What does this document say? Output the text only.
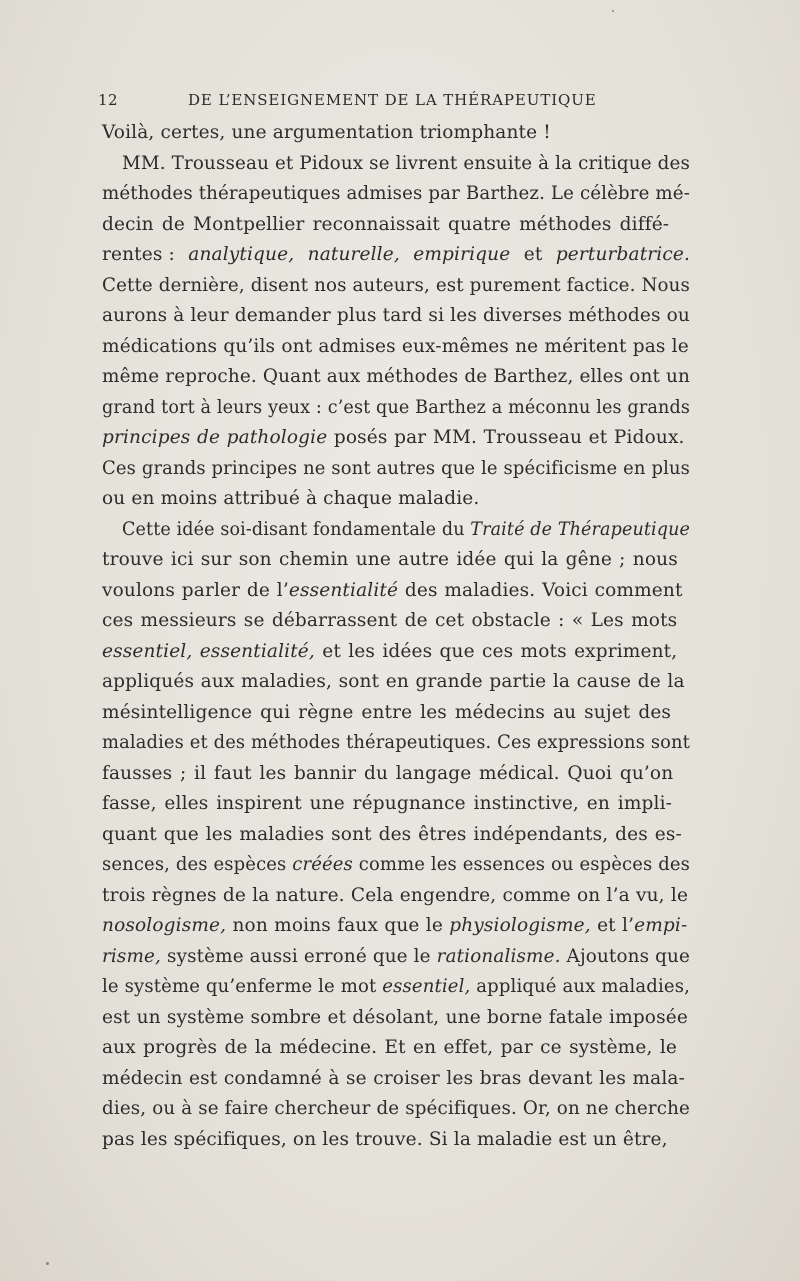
12	DE L’ENSEIGNEMENT DE LA THÉRAPEUTIQUE
Voilà, certes, une argumentation triomphante !
MM. Trousseau et Pidoux se livrent ensuite à la critique des
méthodes thérapeutiques admises par Barthez. Le célèbre mé-
decin de Montpellier reconnaissait quatre méthodes diffé-
rentes : analytique, naturelle, empirique et perturbatrice.
Cette dernière, disent nos auteurs, est purement factice. Nous
aurons à leur demander plus tard si les diverses méthodes ou
médications qu’ils ont admises eux-mêmes ne méritent pas le
même reproche. Quant aux méthodes de Barthez, elles ont un
grand tort à leurs yeux : c’est que Barthez a méconnu les grands
principes de pathologie posés par MM. Trousseau et Pidoux.
Ces grands principes ne sont autres que le spécificisme en plus
ou en moins attribué à chaque maladie.
Cette idée soi-disant fondamentale du Traité de Thérapeutique
trouve ici sur son chemin une autre idée qui la gêne ; nous
voulons parler de l’essentialité des maladies. Voici comment
ces messieurs se débarrassent de cet obstacle : « Les mots
essentiel, essentialité, et les idées que ces mots expriment,
appliqués aux maladies, sont en grande partie la cause de la
mésintelligence qui règne entre les médecins au sujet des
maladies et des méthodes thérapeutiques. Ces expressions sont
fausses ; il faut les bannir du langage médical. Quoi qu’on
fasse, elles inspirent une répugnance instinctive, en impli-
quant que les maladies sont des êtres indépendants, des es-
sences, des espèces créées comme les essences ou espèces des
trois règnes de la nature. Cela engendre, comme on l’a vu, le
nosologisme, non moins faux que le physiologisme, et l’empi-
risme, système aussi erroné que le rationalisme. Ajoutons que
le système qu’enferme le mot essentiel, appliqué aux maladies,
est un système sombre et désolant, une borne fatale imposée
aux progrès de la médecine. Et en effet, par ce système, le
médecin est condamné à se croiser les bras devant les mala-
dies, ou à se faire chercheur de spécifiques. Or, on ne cherche
pas les spécifiques, on les trouve. Si la maladie est un être,
